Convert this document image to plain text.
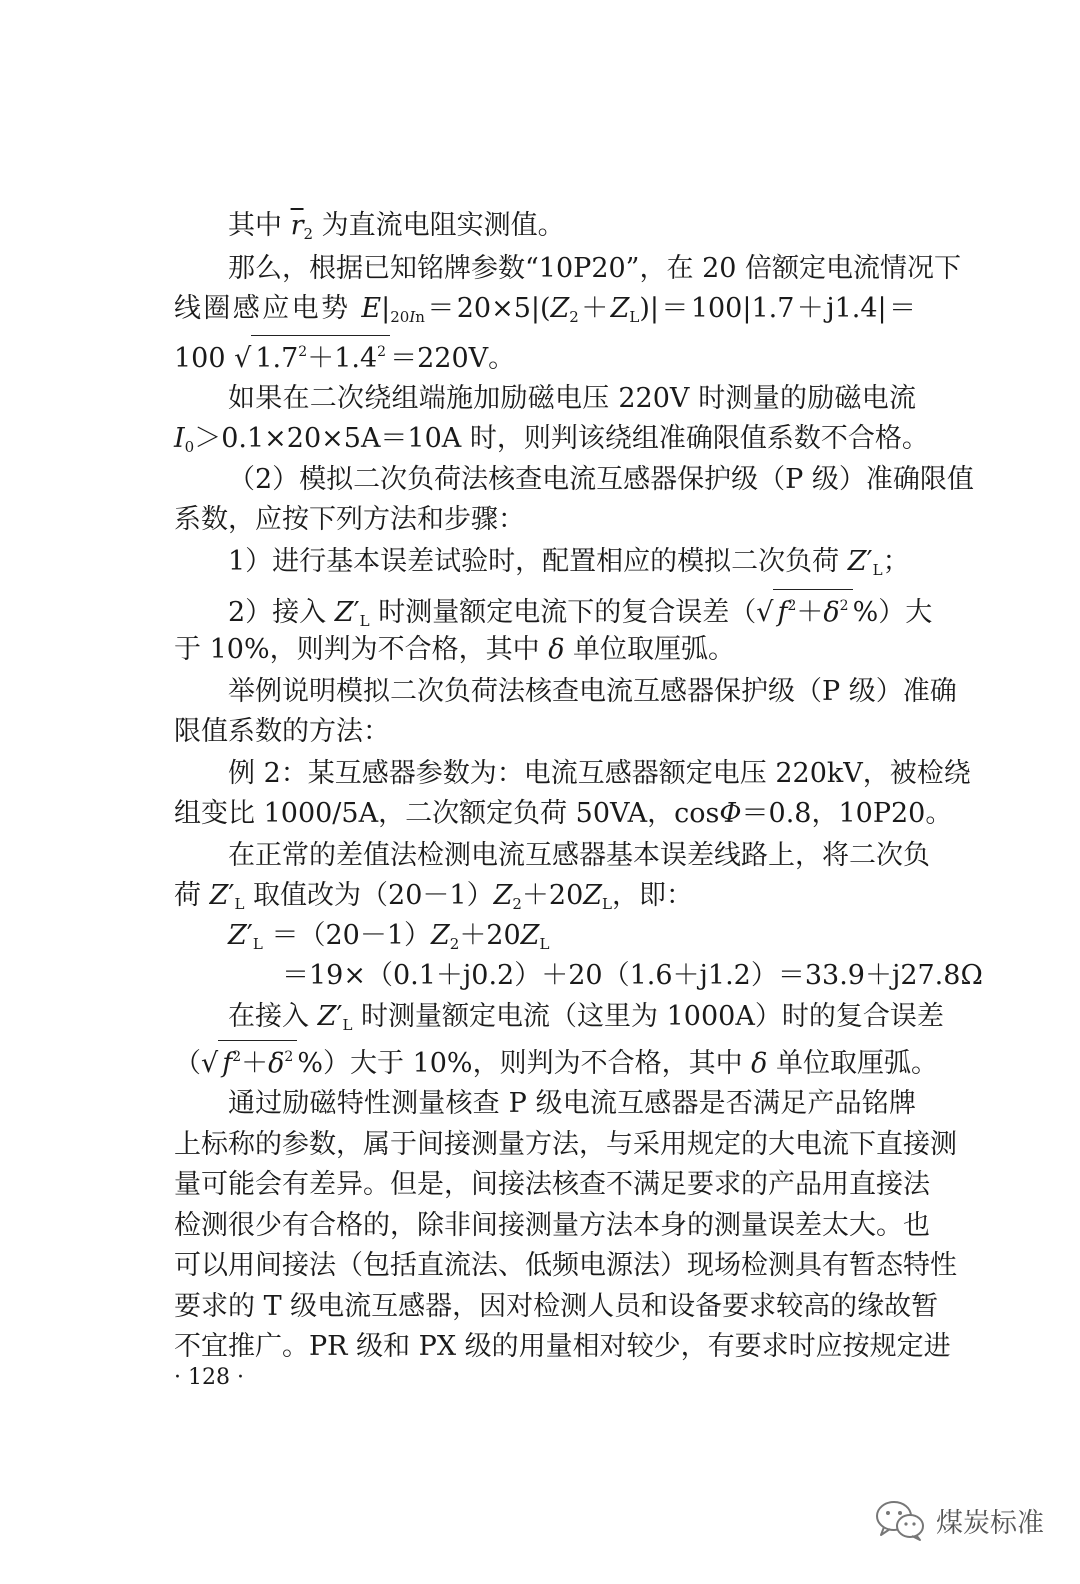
其中 $\overline{r}_2$ 为直流电阻实测值。
那么，根据已知铭牌参数“10P20”，在 20 倍额定电流情况下
线圈感应电势 $E|_{20In}=20\times 5|(Z_2+Z_L)|=100|1.7+j1.4|=$
100 √ $1.7^2+1.4^2 =220V$。
如果在二次绕组端施加励磁电压 220V 时测量的励磁电流
$I_0>0.1\times 20\times 5A=10A$ 时，则判该绕组准确限值系数不合格。
（2）模拟二次负荷法核查电流互感器保护级（P 级）准确限值
系数，应按下列方法和步骤：
1）进行基本误差试验时，配置相应的模拟二次负荷 $Z'_L$；
2）接入 $Z'_L$ 时测量额定电流下的复合误差（√ $f^2+\delta^2$ %）大
于 10%，则判为不合格，其中 δ 单位取厘弧。
举例说明模拟二次负荷法核查电流互感器保护级（P 级）准确
限值系数的方法：
例 2：某互感器参数为：电流互感器额定电压 220kV，被检绕
组变比 1000/5A，二次额定负荷 50VA，cosΦ＝0.8，10P20。
在正常的差值法检测电流互感器基本误差线路上，将二次负
荷 $Z'_L$ 取值改为$(20-1)Z_2+20Z_L$，即：
$Z'_L =(20-1)Z_2+20Z_L$
＝19×（0.1＋j0.2）＋20（1.6＋j1.2）＝33.9＋j27.8Ω
在接入 $Z'_L$ 时测量额定电流（这里为 1000A）时的复合误差
（√ $f^2+\delta^2$ %）大于 10%，则判为不合格，其中 δ 单位取厘弧。
通过励磁特性测量核查 P 级电流互感器是否满足产品铭牌
上标称的参数，属于间接测量方法，与采用规定的大电流下直接测
量可能会有差异。但是，间接法核查不满足要求的产品用直接法
检测很少有合格的，除非间接测量方法本身的测量误差太大。也
可以用间接法（包括直流法、低频电源法）现场检测具有暂态特性
要求的 T 级电流互感器，因对检测人员和设备要求较高的缘故暂
不宜推广。PR 级和 PX 级的用量相对较少，有要求时应按规定进
· 128 ·
煤炭标准
